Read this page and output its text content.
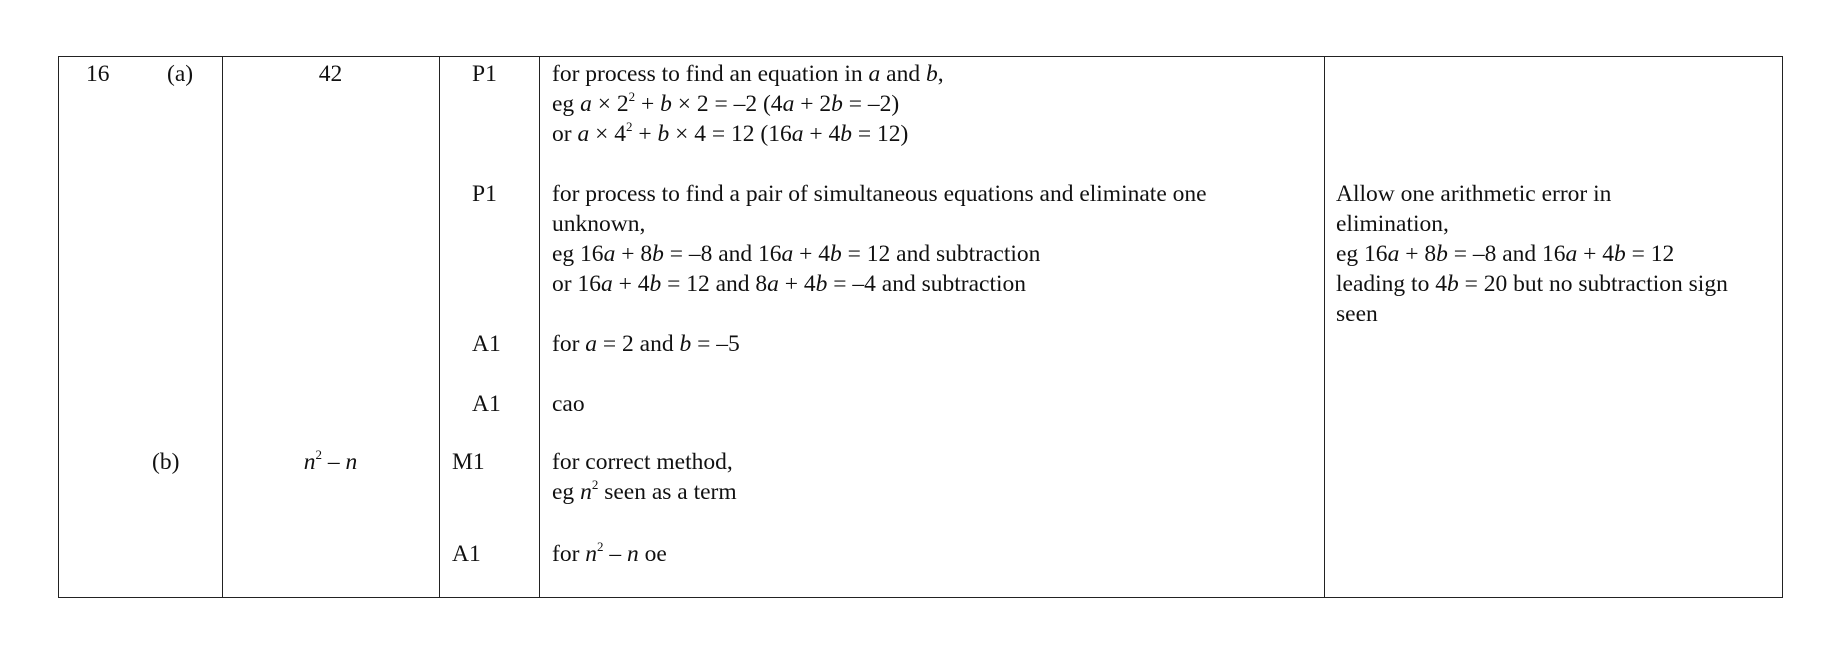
16 (a)
(b)
42
$n^2$ – n
P1
P1
A1
A1
M1
A1
for process to find an equation in a and b,
eg $a \times 2^2 + b \times 2 = -2$ (4a + 2b = –2)
or $a \times 4^2 + b \times 4 = 12$ (16a + 4b = 12)
for process to find a pair of simultaneous equations and eliminate one
unknown,
eg 16a + 8b = –8 and 16a + 4b = 12 and subtraction
or 16a + 4b = 12 and 8a + 4b = –4 and subtraction
for a = 2 and b = –5
cao
for correct method,
eg $n^2$ seen as a term
for $n^2$ – n oe
Allow one arithmetic error in
elimination,
eg 16a + 8b = –8 and 16a + 4b = 12
leading to 4b = 20 but no subtraction sign
seen
